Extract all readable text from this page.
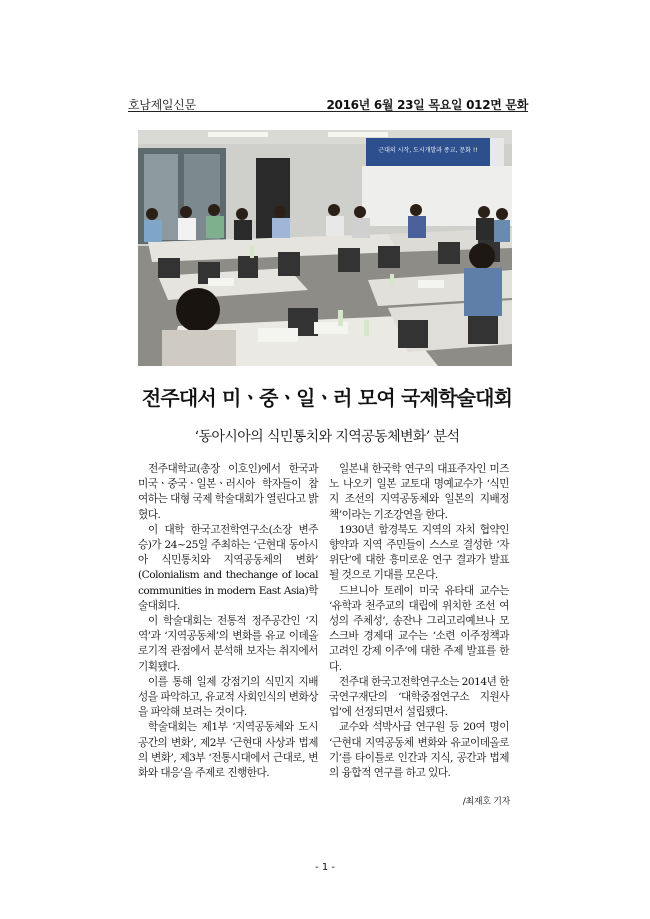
호남제일신문	2016년 6월 23일 목요일 012면 문화
근대의 시작, 도시개발과 종교, 문화 !!
전주대서 미ㆍ중ㆍ일ㆍ러 모여 국제학술대회
‘동아시아의 식민통치와 지역공동체변화’ 분석

전주대학교(총장 이호인)에서 한국과 미국ㆍ중국ㆍ일본ㆍ러시아 학자들이 참여하는 대형 국제 학술대회가 열린다고 밝혔다.

이 대학 한국고전학연구소(소장 변주승)가 24~25일 주최하는 ‘근현대 동아시아 식민통치와 지역공동체의 변화’ (Colonialism and thechange of local communities in modern East Asia)학술대회다.

이 학술대회는 전통적 정주공간인 ‘지역’과 ‘지역공동체’의 변화를 유교 이데올로기적 관점에서 분석해 보자는 취지에서 기획됐다.

이를 통해 일제 강점기의 식민지 지배성을 파악하고, 유교적 사회인식의 변화상을 파악해 보려는 것이다.

학술대회는 제1부 ‘지역공동체와 도시공간의 변화’, 제2부 ‘근현대 사상과 법제의 변화’, 제3부 ‘전통시대에서 근대로, 변화와 대응’을 주제로 진행한다.

일본내 한국학 연구의 대표주자인 미즈노 나오키 일본 교토대 명예교수가 ‘식민지 조선의 지역공동체와 일본의 지배정책’이라는 기조강연을 한다.

1930년 함경북도 지역의 자치 협약인 향약과 지역 주민들이 스스로 결성한 ‘자위단’에 대한 흥미로운 연구 결과가 발표될 것으로 기대를 모은다.

드브니아 토레이 미국 유타대 교수는 ‘유학과 천주교의 대립에 위치한 조선 여성의 주체성’, 송잔나 그리고리예브나 모스크바 경제대 교수는 ‘소련 이주정책과 고려인 강제 이주’에 대한 주제 발표를 한다.

전주대 한국고전학연구소는 2014년 한국연구재단의 ‘대학중점연구소 지원사업’에 선정되면서 설립됐다.

교수와 석박사급 연구원 등 20여 명이 ‘근현대 지역공동체 변화와 유교이데올로기’를 타이틀로 인간과 지식, 공간과 법제의 융합적 연구를 하고 있다.

/최재호 기자
- 1 -
